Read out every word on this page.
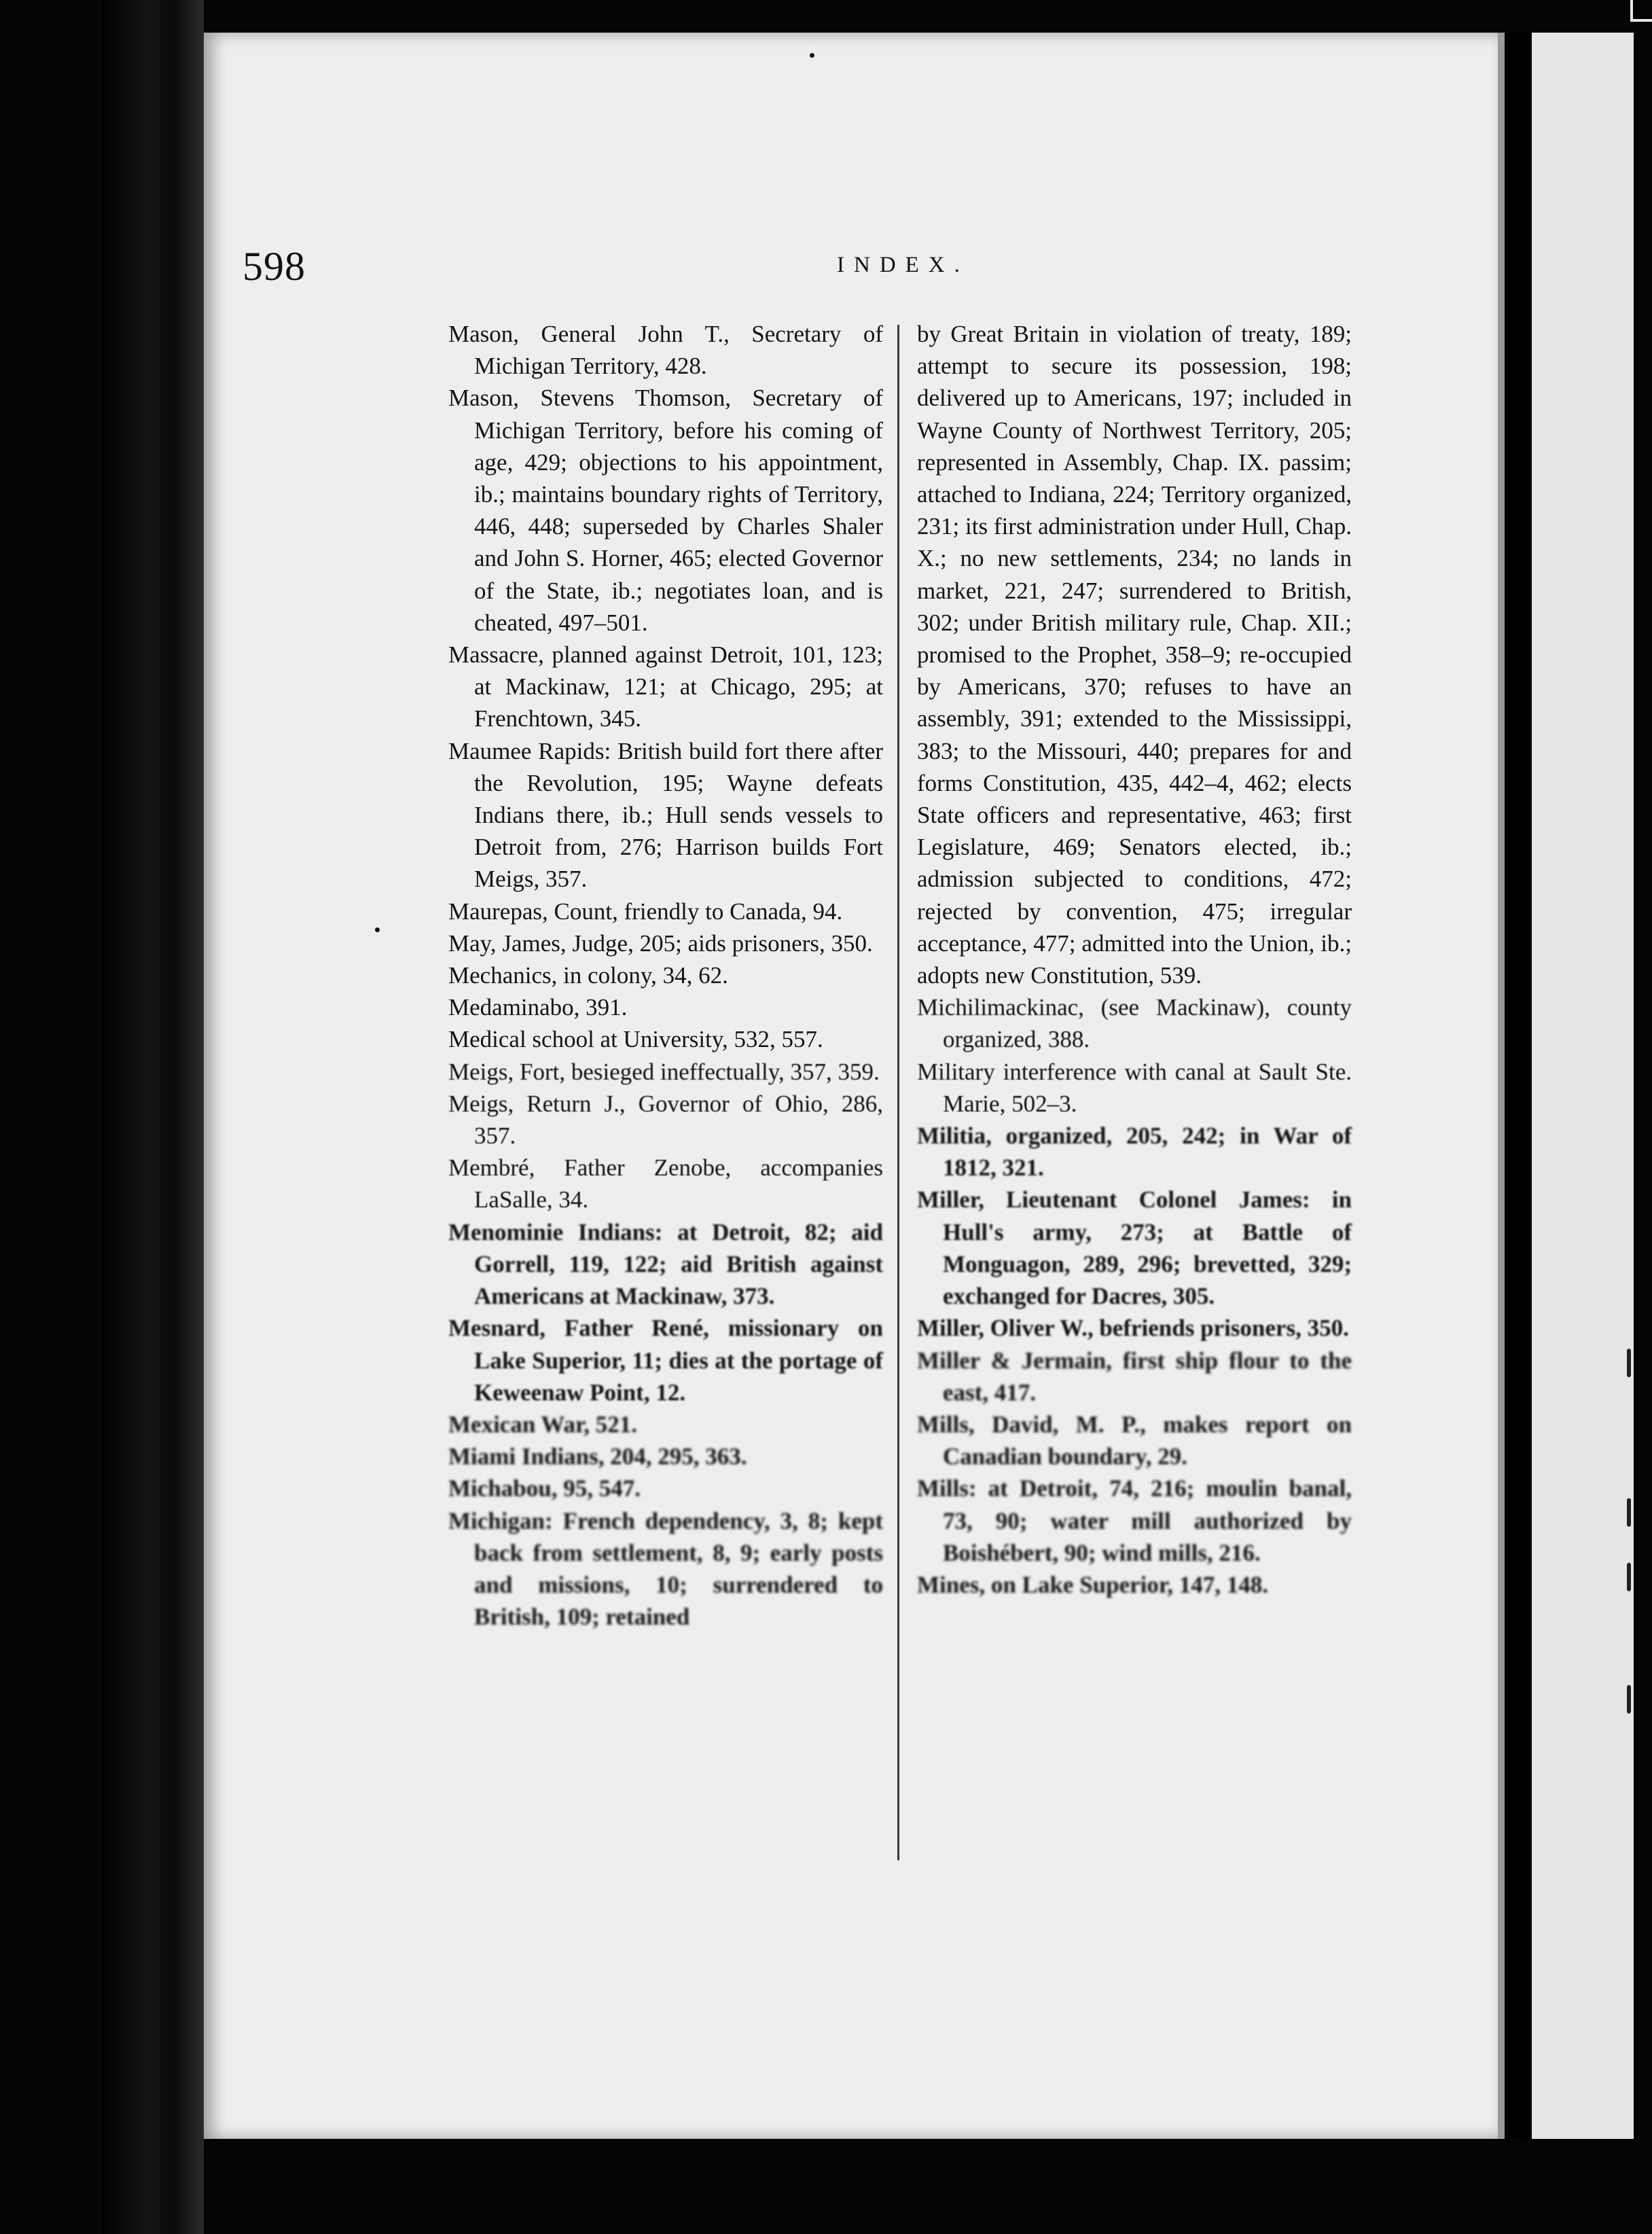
598	INDEX.
Mason, General John T., Secretary of Michigan Territory, 428.
Mason, Stevens Thomson, Secretary of Michigan Territory, before his coming of age, 429; objections to his appointment, ib.; maintains boundary rights of Territory, 446, 448; superseded by Charles Shaler and John S. Horner, 465; elected Governor of the State, ib.; negotiates loan, and is cheated, 497–501.
Massacre, planned against Detroit, 101, 123; at Mackinaw, 121; at Chicago, 295; at Frenchtown, 345.
Maumee Rapids: British build fort there after the Revolution, 195; Wayne defeats Indians there, ib.; Hull sends vessels to Detroit from, 276; Harrison builds Fort Meigs, 357.
Maurepas, Count, friendly to Canada, 94.
May, James, Judge, 205; aids prisoners, 350.
Mechanics, in colony, 34, 62.
Medaminabo, 391.
Medical school at University, 532, 557.
Meigs, Fort, besieged ineffectually, 357, 359.
Meigs, Return J., Governor of Ohio, 286, 357.
Membré, Father Zenobe, accompanies LaSalle, 34.
Menominie Indians: at Detroit, 82; aid Gorrell, 119, 122; aid British against Americans at Mackinaw, 373.
Mesnard, Father René, missionary on Lake Superior, 11; dies at the portage of Keweenaw Point, 12.
Mexican War, 521.
Miami Indians, 204, 295, 363.
Michabou, 95, 547.
Michigan: French dependency, 3, 8; kept back from settlement, 8, 9; early posts and missions, 10; surrendered to British, 109; retained
by Great Britain in violation of treaty, 189; attempt to secure its possession, 198; delivered up to Americans, 197; included in Wayne County of Northwest Territory, 205; represented in Assembly, Chap. IX. passim; attached to Indiana, 224; Territory organized, 231; its first administration under Hull, Chap. X.; no new settlements, 234; no lands in market, 221, 247; surrendered to British, 302; under British military rule, Chap. XII.; promised to the Prophet, 358–9; re-occupied by Americans, 370; refuses to have an assembly, 391; extended to the Mississippi, 383; to the Missouri, 440; prepares for and forms Constitution, 435, 442–4, 462; elects State officers and representative, 463; first Legislature, 469; Senators elected, ib.; admission subjected to conditions, 472; rejected by convention, 475; irregular acceptance, 477; admitted into the Union, ib.; adopts new Constitution, 539.
Michilimackinac, (see Mackinaw), county organized, 388.
Military interference with canal at Sault Ste. Marie, 502–3.
Militia, organized, 205, 242; in War of 1812, 321.
Miller, Lieutenant Colonel James: in Hull's army, 273; at Battle of Monguagon, 289, 296; brevetted, 329; exchanged for Dacres, 305.
Miller, Oliver W., befriends prisoners, 350.
Miller & Jermain, first ship flour to the east, 417.
Mills, David, M. P., makes report on Canadian boundary, 29.
Mills: at Detroit, 74, 216; moulin banal, 73, 90; water mill authorized by Boishébert, 90; wind mills, 216.
Mines, on Lake Superior, 147, 148.
